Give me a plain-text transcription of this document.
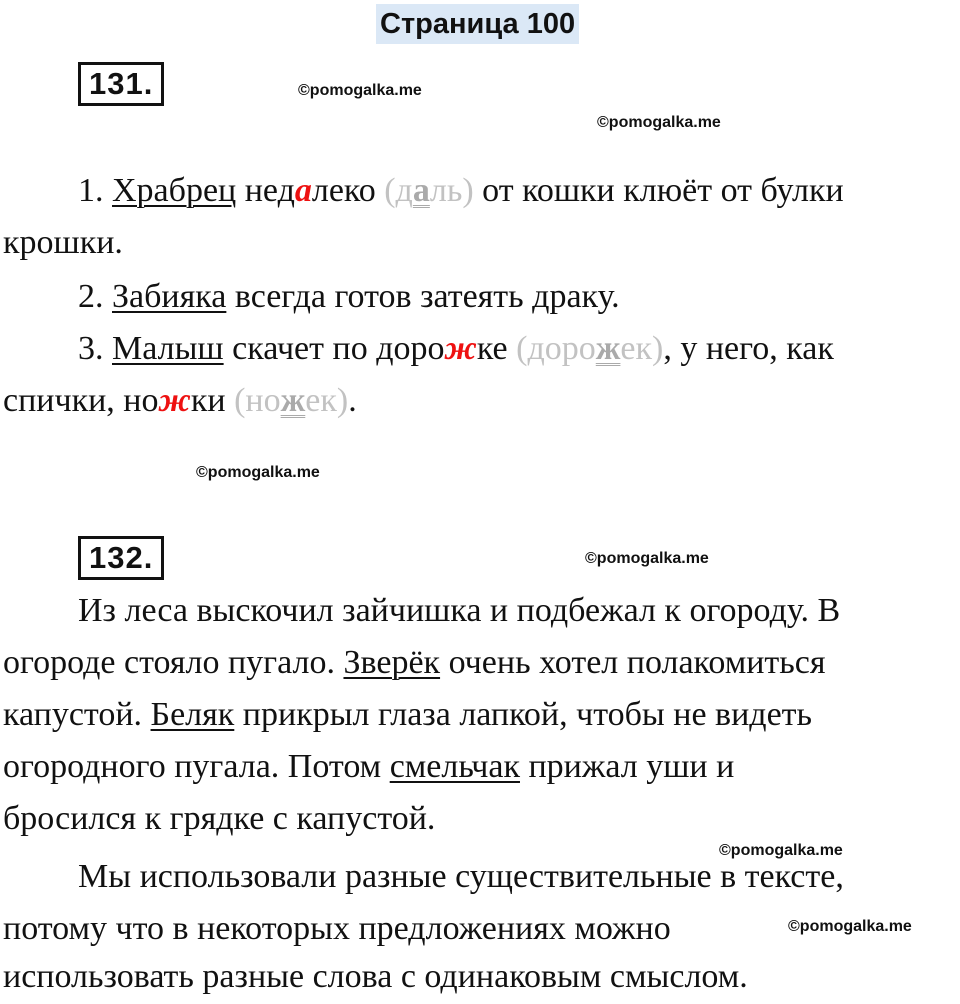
Страница 100
131.	©pomogalka.me
©pomogalka.me
1. Храбрец недалеко (даль) от кошки клюёт от булки
крошки.
2. Забияка всегда готов затеять драку.
3. Малыш скачет по дорожке (дорожек), у него, как
спички, ножки (ножек).
©pomogalka.me
132.	©pomogalka.me
Из леса выскочил зайчишка и подбежал к огороду. В
огороде стояло пугало. Зверёк очень хотел полакомиться
капустой. Беляк прикрыл глаза лапкой, чтобы не видеть
огородного пугала. Потом смельчак прижал уши и
бросился к грядке с капустой.
©pomogalka.me
Мы использовали разные существительные в тексте,
потому что в некоторых предложениях можно	©pomogalka.me
использовать разные слова с одинаковым смыслом.
